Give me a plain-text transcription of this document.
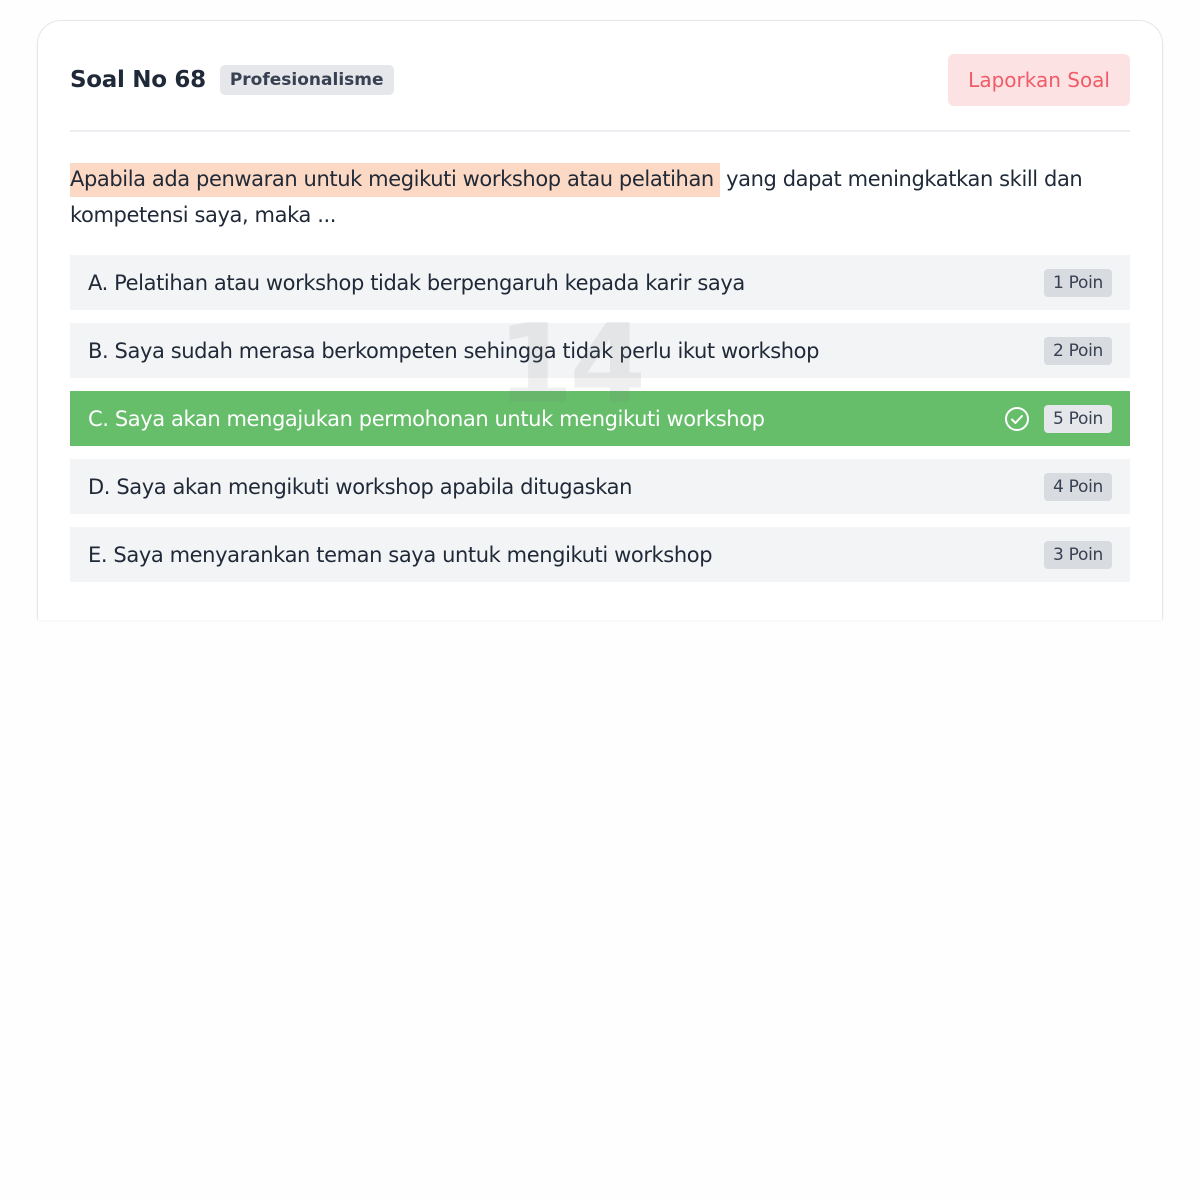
Soal No 68	Profesionalisme	Laporkan Soal
Apabila ada penwaran untuk megikuti workshop atau pelatihan yang dapat meningkatkan skill dan kompetensi saya, maka ...
A. Pelatihan atau workshop tidak berpengaruh kepada karir saya	1 Poin
B. Saya sudah merasa berkompeten sehingga tidak perlu ikut workshop	2 Poin
C. Saya akan mengajukan permohonan untuk mengikuti workshop	5 Poin
D. Saya akan mengikuti workshop apabila ditugaskan	4 Poin
E. Saya menyarankan teman saya untuk mengikuti workshop	3 Poin
